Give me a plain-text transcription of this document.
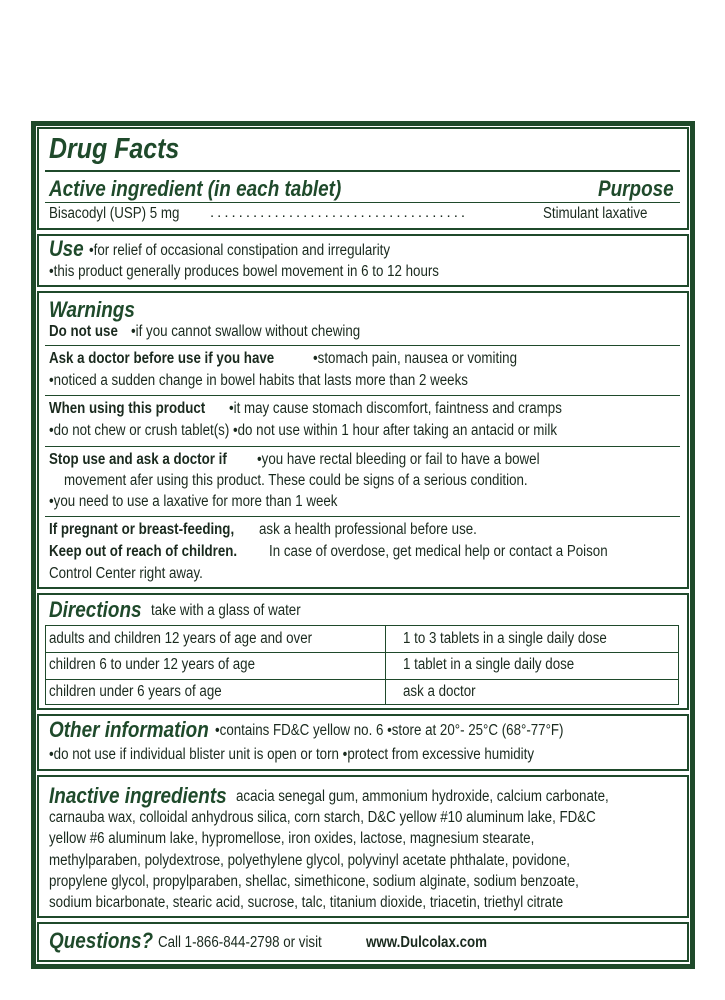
Drug Facts
Active ingredient (in each tablet)	Purpose
Bisacodyl (USP) 5 mg ....................................	Stimulant laxative
Use •for relief of occasional constipation and irregularity
•this product generally produces bowel movement in 6 to 12 hours
Warnings
Do not use •if you cannot swallow without chewing
Ask a doctor before use if you have	•stomach pain, nausea or vomiting
•noticed a sudden change in bowel habits that lasts more than 2 weeks
When using this product •it may cause stomach discomfort, faintness and cramps
•do not chew or crush tablet(s) •do not use within 1 hour after taking an antacid or milk
Stop use and ask a doctor if •you have rectal bleeding or fail to have a bowel
movement afer using this product. These could be signs of a serious condition.
•you need to use a laxative for more than 1 week
If pregnant or breast-feeding, ask a health professional before use.
Keep out of reach of children. In case of overdose, get medical help or contact a Poison
Control Center right away.
Directions take with a glass of water
adults and children 12 years of age and over	1 to 3 tablets in a single daily dose
children 6 to under 12 years of age	1 tablet in a single daily dose
children under 6 years of age	ask a doctor
Other information •contains FD&C yellow no. 6 •store at 20°- 25°C (68°-77°F)
•do not use if individual blister unit is open or torn •protect from excessive humidity
Inactive ingredients acacia senegal gum, ammonium hydroxide, calcium carbonate,
carnauba wax, colloidal anhydrous silica, corn starch, D&C yellow #10 aluminum lake, FD&C
yellow #6 aluminum lake, hypromellose, iron oxides, lactose, magnesium stearate,
methylparaben, polydextrose, polyethylene glycol, polyvinyl acetate phthalate, povidone,
propylene glycol, propylparaben, shellac, simethicone, sodium alginate, sodium benzoate,
sodium bicarbonate, stearic acid, sucrose, talc, titanium dioxide, triacetin, triethyl citrate
Questions? Call 1-866-844-2798 or visit	www.Dulcolax.com
